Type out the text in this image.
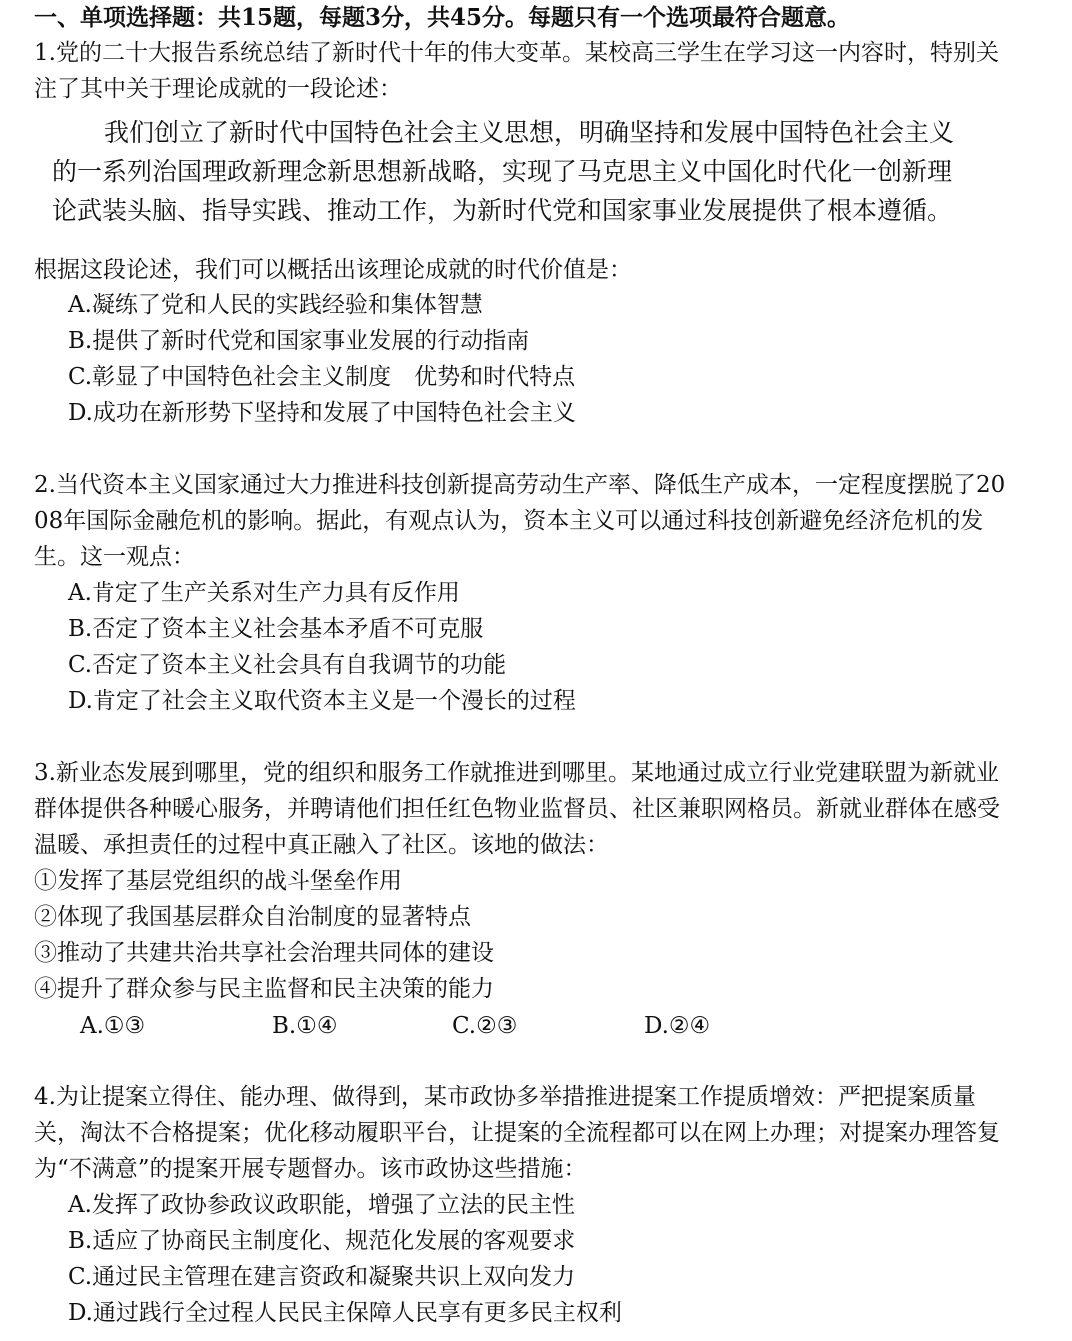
一、单项选择题：共15题，每题3分，共45分。每题只有一个选项最符合题意。
1.党的二十大报告系统总结了新时代十年的伟大变革。某校高三学生在学习这一内容时，特别关
注了其中关于理论成就的一段论述：
我们创立了新时代中国特色社会主义思想，明确坚持和发展中国特色社会主义
的一系列治国理政新理念新思想新战略，实现了马克思主义中国化时代化一创新理
论武装头脑、指导实践、推动工作，为新时代党和国家事业发展提供了根本遵循。
根据这段论述，我们可以概括出该理论成就的时代价值是：
A.凝练了党和人民的实践经验和集体智慧
B.提供了新时代党和国家事业发展的行动指南
C.彰显了中国特色社会主义制度　优势和时代特点
D.成功在新形势下坚持和发展了中国特色社会主义
2.当代资本主义国家通过大力推进科技创新提高劳动生产率、降低生产成本，一定程度摆脱了20
08年国际金融危机的影响。据此，有观点认为，资本主义可以通过科技创新避免经济危机的发
生。这一观点：
A.肯定了生产关系对生产力具有反作用
B.否定了资本主义社会基本矛盾不可克服
C.否定了资本主义社会具有自我调节的功能
D.肯定了社会主义取代资本主义是一个漫长的过程
3.新业态发展到哪里，党的组织和服务工作就推进到哪里。某地通过成立行业党建联盟为新就业
群体提供各种暖心服务，并聘请他们担任红色物业监督员、社区兼职网格员。新就业群体在感受
温暖、承担责任的过程中真正融入了社区。该地的做法：
①发挥了基层党组织的战斗堡垒作用
②体现了我国基层群众自治制度的显著特点
③推动了共建共治共享社会治理共同体的建设
④提升了群众参与民主监督和民主决策的能力
A.①③	B.①④	C.②③	D.②④
4.为让提案立得住、能办理、做得到，某市政协多举措推进提案工作提质增效：严把提案质量
关，淘汰不合格提案；优化移动履职平台，让提案的全流程都可以在网上办理；对提案办理答复
为“不满意”的提案开展专题督办。该市政协这些措施：
A.发挥了政协参政议政职能，增强了立法的民主性
B.适应了协商民主制度化、规范化发展的客观要求
C.通过民主管理在建言资政和凝聚共识上双向发力
D.通过践行全过程人民民主保障人民享有更多民主权利
